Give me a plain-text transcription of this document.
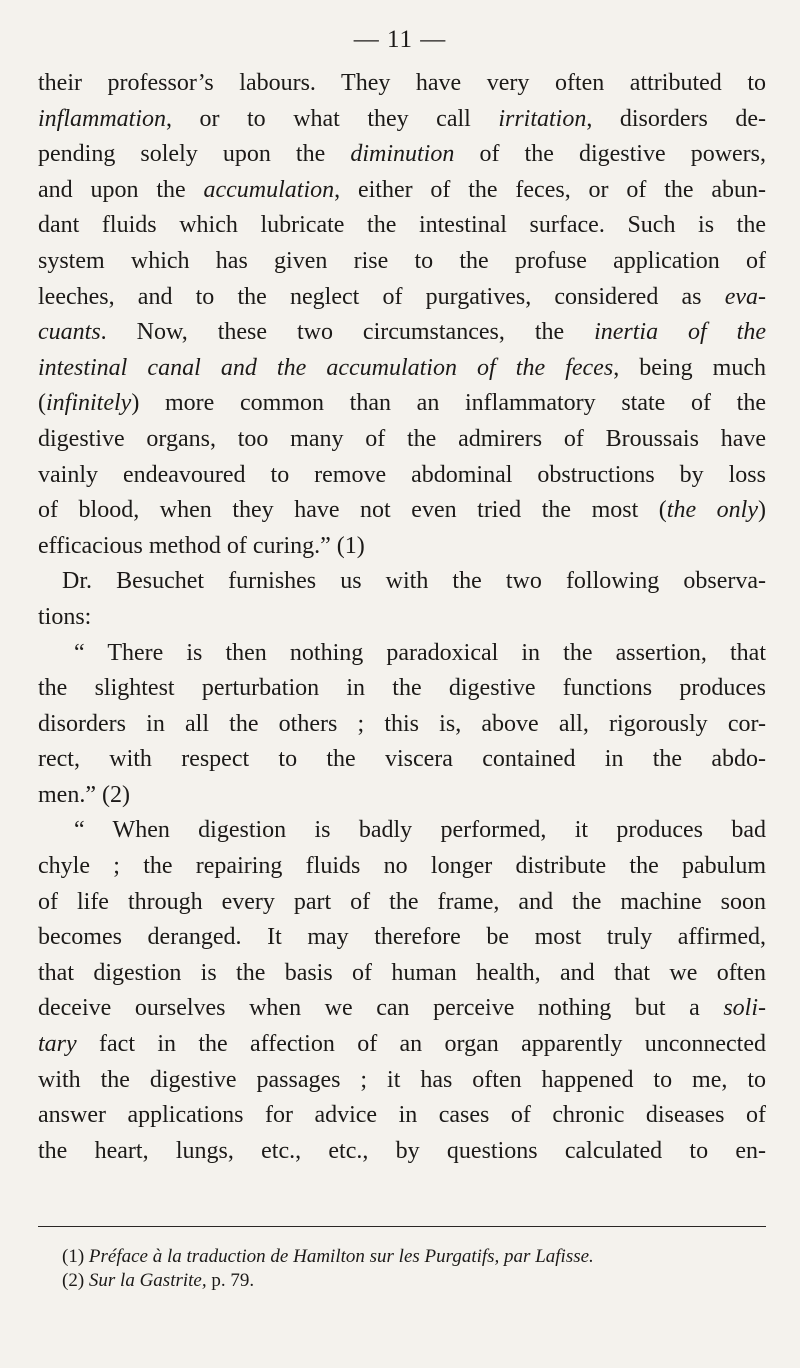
— 11 —
their professor’s labours. They have very often attributed to
inflammation, or to what they call irritation, disorders de-
pending solely upon the diminution of the digestive powers,
and upon the accumulation, either of the feces, or of the abun-
dant fluids which lubricate the intestinal surface. Such is the
system which has given rise to the profuse application of
leeches, and to the neglect of purgatives, considered as eva-
cuants. Now, these two circumstances, the inertia of the
intestinal canal and the accumulation of the feces, being much
(infinitely) more common than an inflammatory state of the
digestive organs, too many of the admirers of Broussais have
vainly endeavoured to remove abdominal obstructions by loss
of blood, when they have not even tried the most (the only)
efficacious method of curing.” (1)
Dr. Besuchet furnishes us with the two following observa-
tions:
“ There is then nothing paradoxical in the assertion, that
the slightest perturbation in the digestive functions produces
disorders in all the others ; this is, above all, rigorously cor-
rect, with respect to the viscera contained in the abdo-
men.” (2)
“ When digestion is badly performed, it produces bad
chyle ; the repairing fluids no longer distribute the pabulum
of life through every part of the frame, and the machine soon
becomes deranged. It may therefore be most truly affirmed,
that digestion is the basis of human health, and that we often
deceive ourselves when we can perceive nothing but a soli-
tary fact in the affection of an organ apparently unconnected
with the digestive passages ; it has often happened to me, to
answer applications for advice in cases of chronic diseases of
the heart, lungs, etc., etc., by questions calculated to en-
(1) Préface à la traduction de Hamilton sur les Purgatifs, par Lafisse.
(2) Sur la Gastrite, p. 79.
